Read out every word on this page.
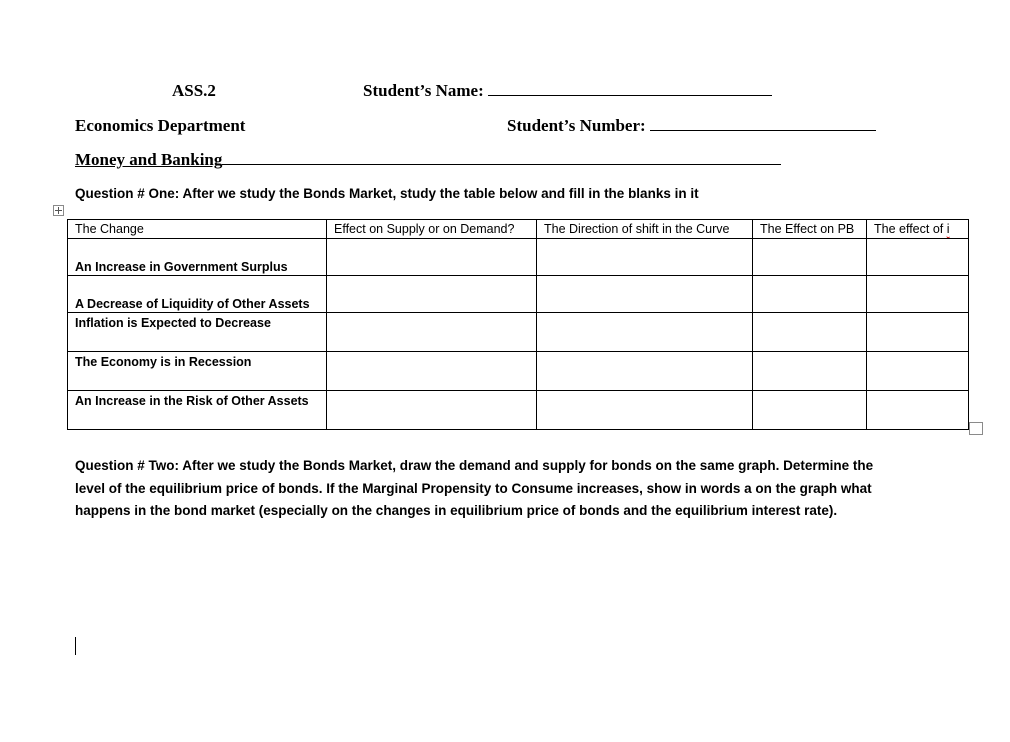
ASS.2	Student’s Name:
Economics Department	Student’s Number:
Money and Banking
Question # One: After we study the Bonds Market, study the table below and fill in the blanks in it
The Change	Effect on Supply or on Demand?	The Direction of shift in the Curve	The Effect on PB	The effect of i
An Increase in Government Surplus				
A Decrease of Liquidity of Other Assets				
Inflation is Expected to Decrease				
The Economy is in Recession				
An Increase in the Risk of Other Assets				
Question # Two: After we study the Bonds Market, draw the demand and supply for bonds on the same graph. Determine the
level of the equilibrium price of bonds. If the Marginal Propensity to Consume increases, show in words a on the graph what
happens in the bond market (especially on the changes in equilibrium price of bonds and the equilibrium interest rate).
